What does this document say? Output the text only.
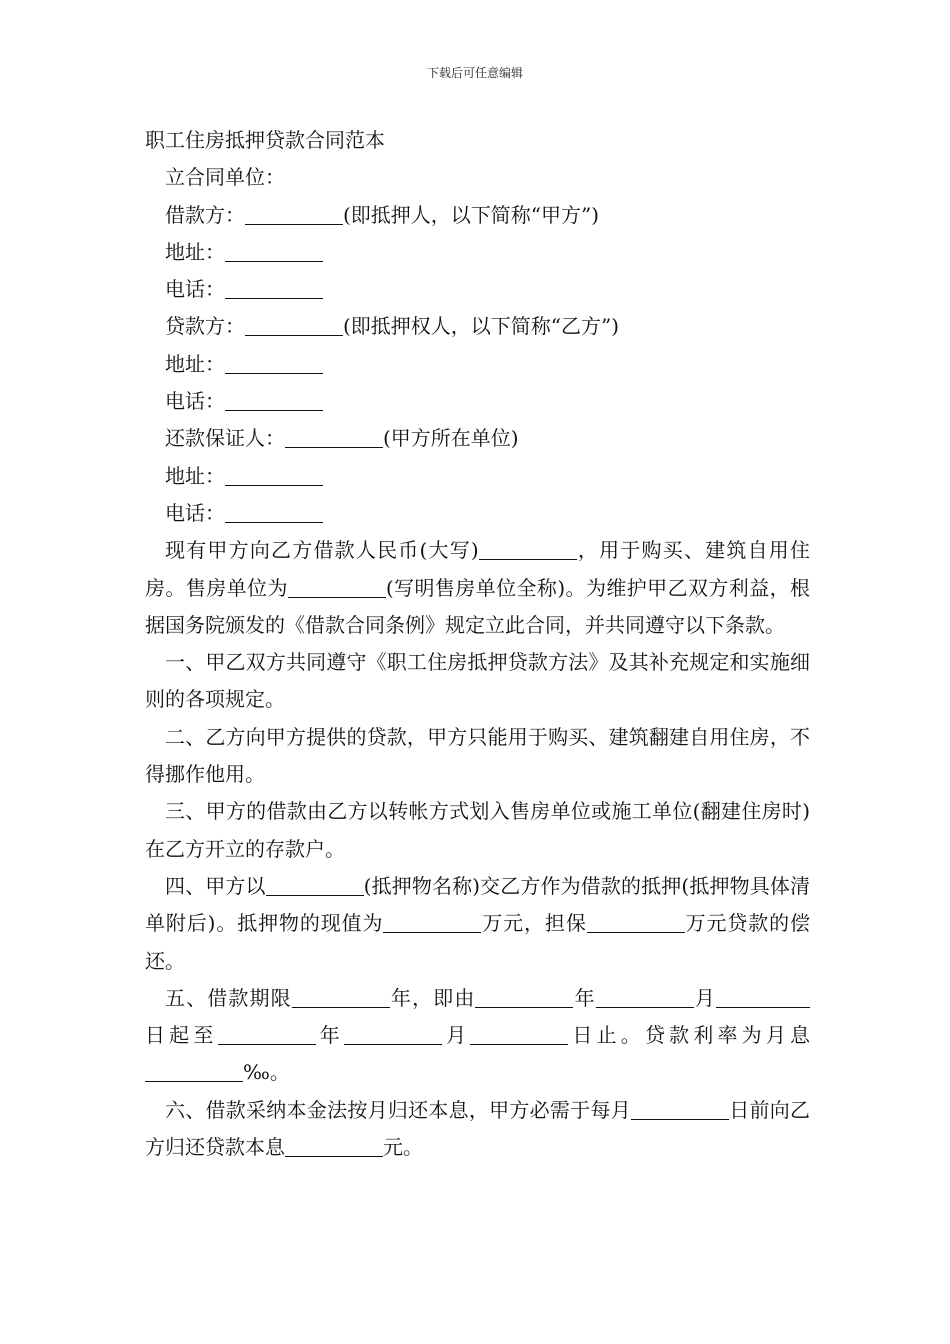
下载后可任意编辑

职工住房抵押贷款合同范本

立合同单位：

借款方：	(即抵押人，以下简称“甲方”)

地址：

电话：

贷款方：	(即抵押权人，以下简称“乙方”)

地址：

电话：

还款保证人：	(甲方所在单位)

地址：

电话：

现有甲方向乙方借款人民币(大写)	，用于购买、建筑自用住房。售房单位为	(写明售房单位全称)。为维护甲乙双方利益，根据国务院颁发的《借款合同条例》规定立此合同，并共同遵守以下条款。

一、甲乙双方共同遵守《职工住房抵押贷款方法》及其补充规定和实施细则的各项规定。

二、乙方向甲方提供的贷款，甲方只能用于购买、建筑翻建自用住房，不得挪作他用。

三、甲方的借款由乙方以转帐方式划入售房单位或施工单位(翻建住房时)在乙方开立的存款户。

四、甲方以	(抵押物名称)交乙方作为借款的抵押(抵押物具体清单附后)。抵押物的现值为	万元，担保	万元贷款的偿还。

五、借款期限	年，即由	年	月日起至	年	月	日止。贷款利率为月息‰。

六、借款采纳本金法按月归还本息，甲方必需于每月	日前向乙方归还贷款本息	元。
